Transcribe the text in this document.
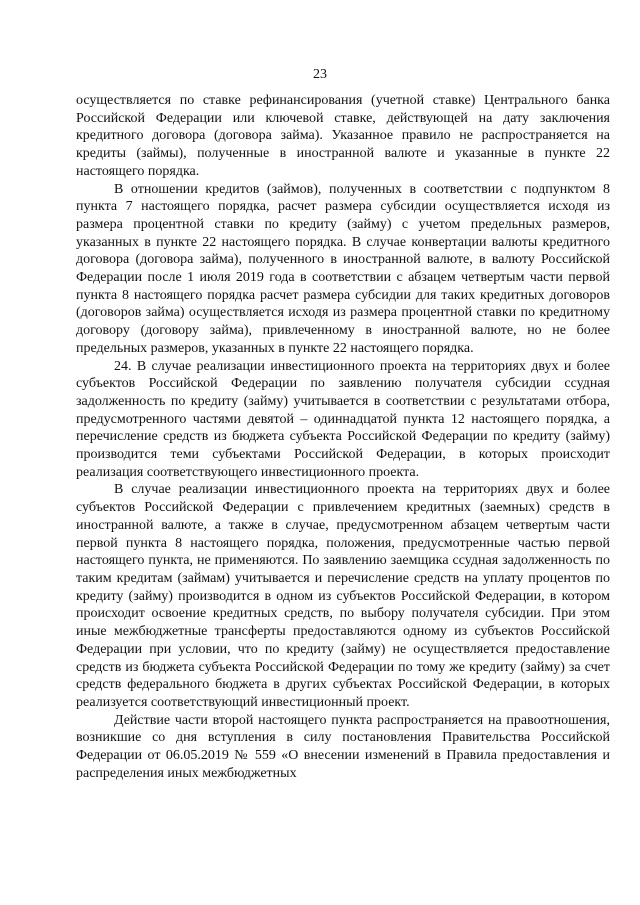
23

осуществляется по ставке рефинансирования (учетной ставке) Центрального банка Российской Федерации или ключевой ставке, действующей на дату заключения кредитного договора (договора займа). Указанное правило не распространяется на кредиты (займы), полученные в иностранной валюте и указанные в пункте 22 настоящего порядка.

В отношении кредитов (займов), полученных в соответствии с подпунктом 8 пункта 7 настоящего порядка, расчет размера субсидии осуществляется исходя из размера процентной ставки по кредиту (займу) с учетом предельных размеров, указанных в пункте 22 настоящего порядка. В случае конвертации валюты кредитного договора (договора займа), полученного в иностранной валюте, в валюту Российской Федерации после 1 июля 2019 года в соответствии с абзацем четвертым части первой пункта 8 настоящего порядка расчет размера субсидии для таких кредитных договоров (договоров займа) осуществляется исходя из размера процентной ставки по кредитному договору (договору займа), привлеченному в иностранной валюте, но не более предельных размеров, указанных в пункте 22 настоящего порядка.

24. В случае реализации инвестиционного проекта на территориях двух и более субъектов Российской Федерации по заявлению получателя субсидии ссудная задолженность по кредиту (займу) учитывается в соответствии с результатами отбора, предусмотренного частями девятой – одиннадцатой пункта 12 настоящего порядка, а перечисление средств из бюджета субъекта Российской Федерации по кредиту (займу) производится теми субъектами Российской Федерации, в которых происходит реализация соответствующего инвестиционного проекта.

В случае реализации инвестиционного проекта на территориях двух и более субъектов Российской Федерации с привлечением кредитных (заемных) средств в иностранной валюте, а также в случае, предусмотренном абзацем четвертым части первой пункта 8 настоящего порядка, положения, предусмотренные частью первой настоящего пункта, не применяются. По заявлению заемщика ссудная задолженность по таким кредитам (займам) учитывается и перечисление средств на уплату процентов по кредиту (займу) производится в одном из субъектов Российской Федерации, в котором происходит освоение кредитных средств, по выбору получателя субсидии. При этом иные межбюджетные трансферты предоставляются одному из субъектов Российской Федерации при условии, что по кредиту (займу) не осуществляется предоставление средств из бюджета субъекта Российской Федерации по тому же кредиту (займу) за счет средств федерального бюджета в других субъектах Российской Федерации, в которых реализуется соответствующий инвестиционный проект.

Действие части второй настоящего пункта распространяется на правоотношения, возникшие со дня вступления в силу постановления Правительства Российской Федерации от 06.05.2019 № 559 «О внесении изменений в Правила предоставления и распределения иных межбюджетных
